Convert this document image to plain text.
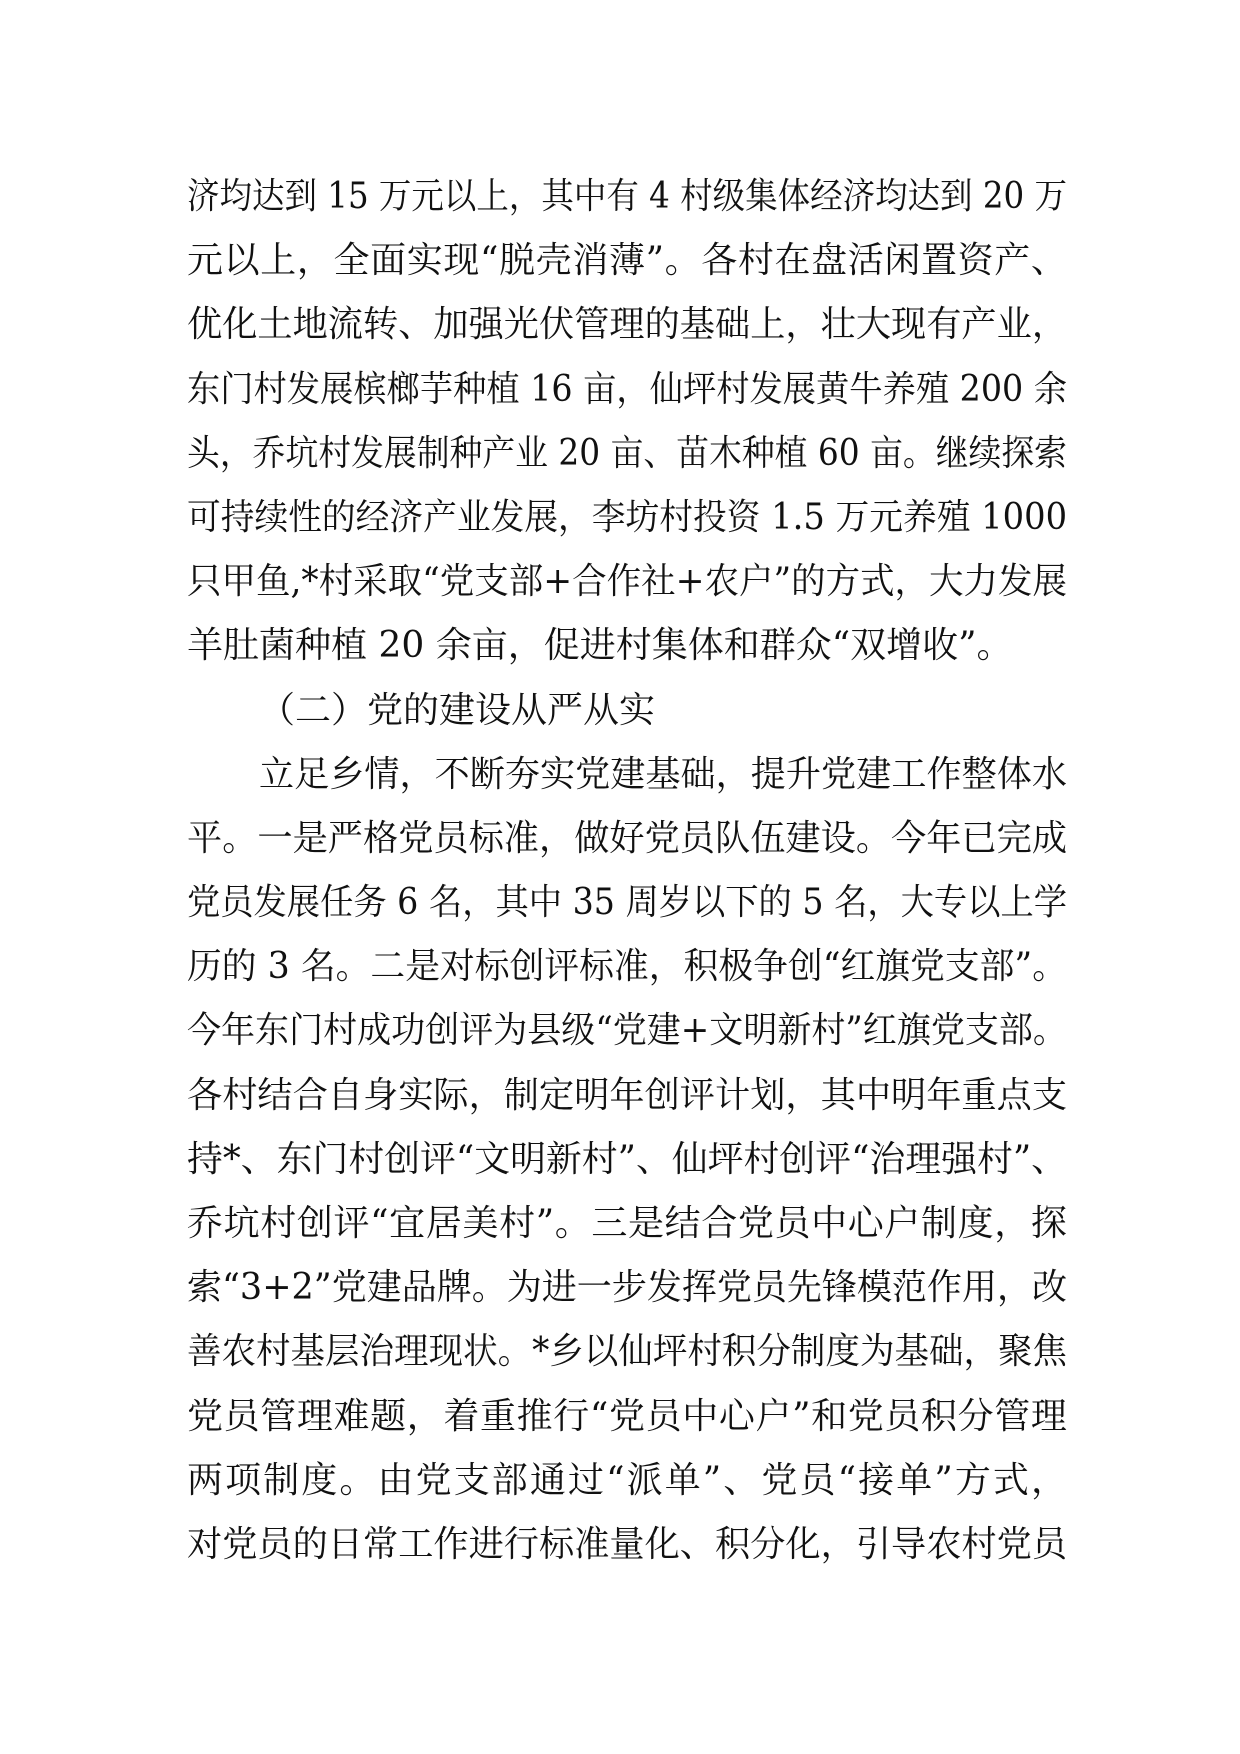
济均达到 15 万元以上，其中有 4 村级集体经济均达到 20 万
元以上，全面实现“脱壳消薄”。各村在盘活闲置资产、
优化土地流转、加强光伏管理的基础上，壮大现有产业，
东门村发展槟榔芋种植 16 亩，仙坪村发展黄牛养殖 200 余
头，乔坑村发展制种产业 20 亩、苗木种植 60 亩。继续探索
可持续性的经济产业发展，李坊村投资 1.5 万元养殖 1000
只甲鱼,*村采取“党支部+合作社+农户”的方式，大力发展
羊肚菌种植 20 余亩，促进村集体和群众“双增收”。
（二）党的建设从严从实
立足乡情，不断夯实党建基础，提升党建工作整体水
平。一是严格党员标准，做好党员队伍建设。今年已完成
党员发展任务 6 名，其中 35 周岁以下的 5 名，大专以上学
历的 3 名。二是对标创评标准，积极争创“红旗党支部”。
今年东门村成功创评为县级“党建+文明新村”红旗党支部。
各村结合自身实际，制定明年创评计划，其中明年重点支
持*、东门村创评“文明新村”、仙坪村创评“治理强村”、
乔坑村创评“宜居美村”。三是结合党员中心户制度，探
索“3+2”党建品牌。为进一步发挥党员先锋模范作用，改
善农村基层治理现状。*乡以仙坪村积分制度为基础，聚焦
党员管理难题，着重推行“党员中心户”和党员积分管理
两项制度。由党支部通过“派单”、党员“接单”方式，
对党员的日常工作进行标准量化、积分化，引导农村党员
